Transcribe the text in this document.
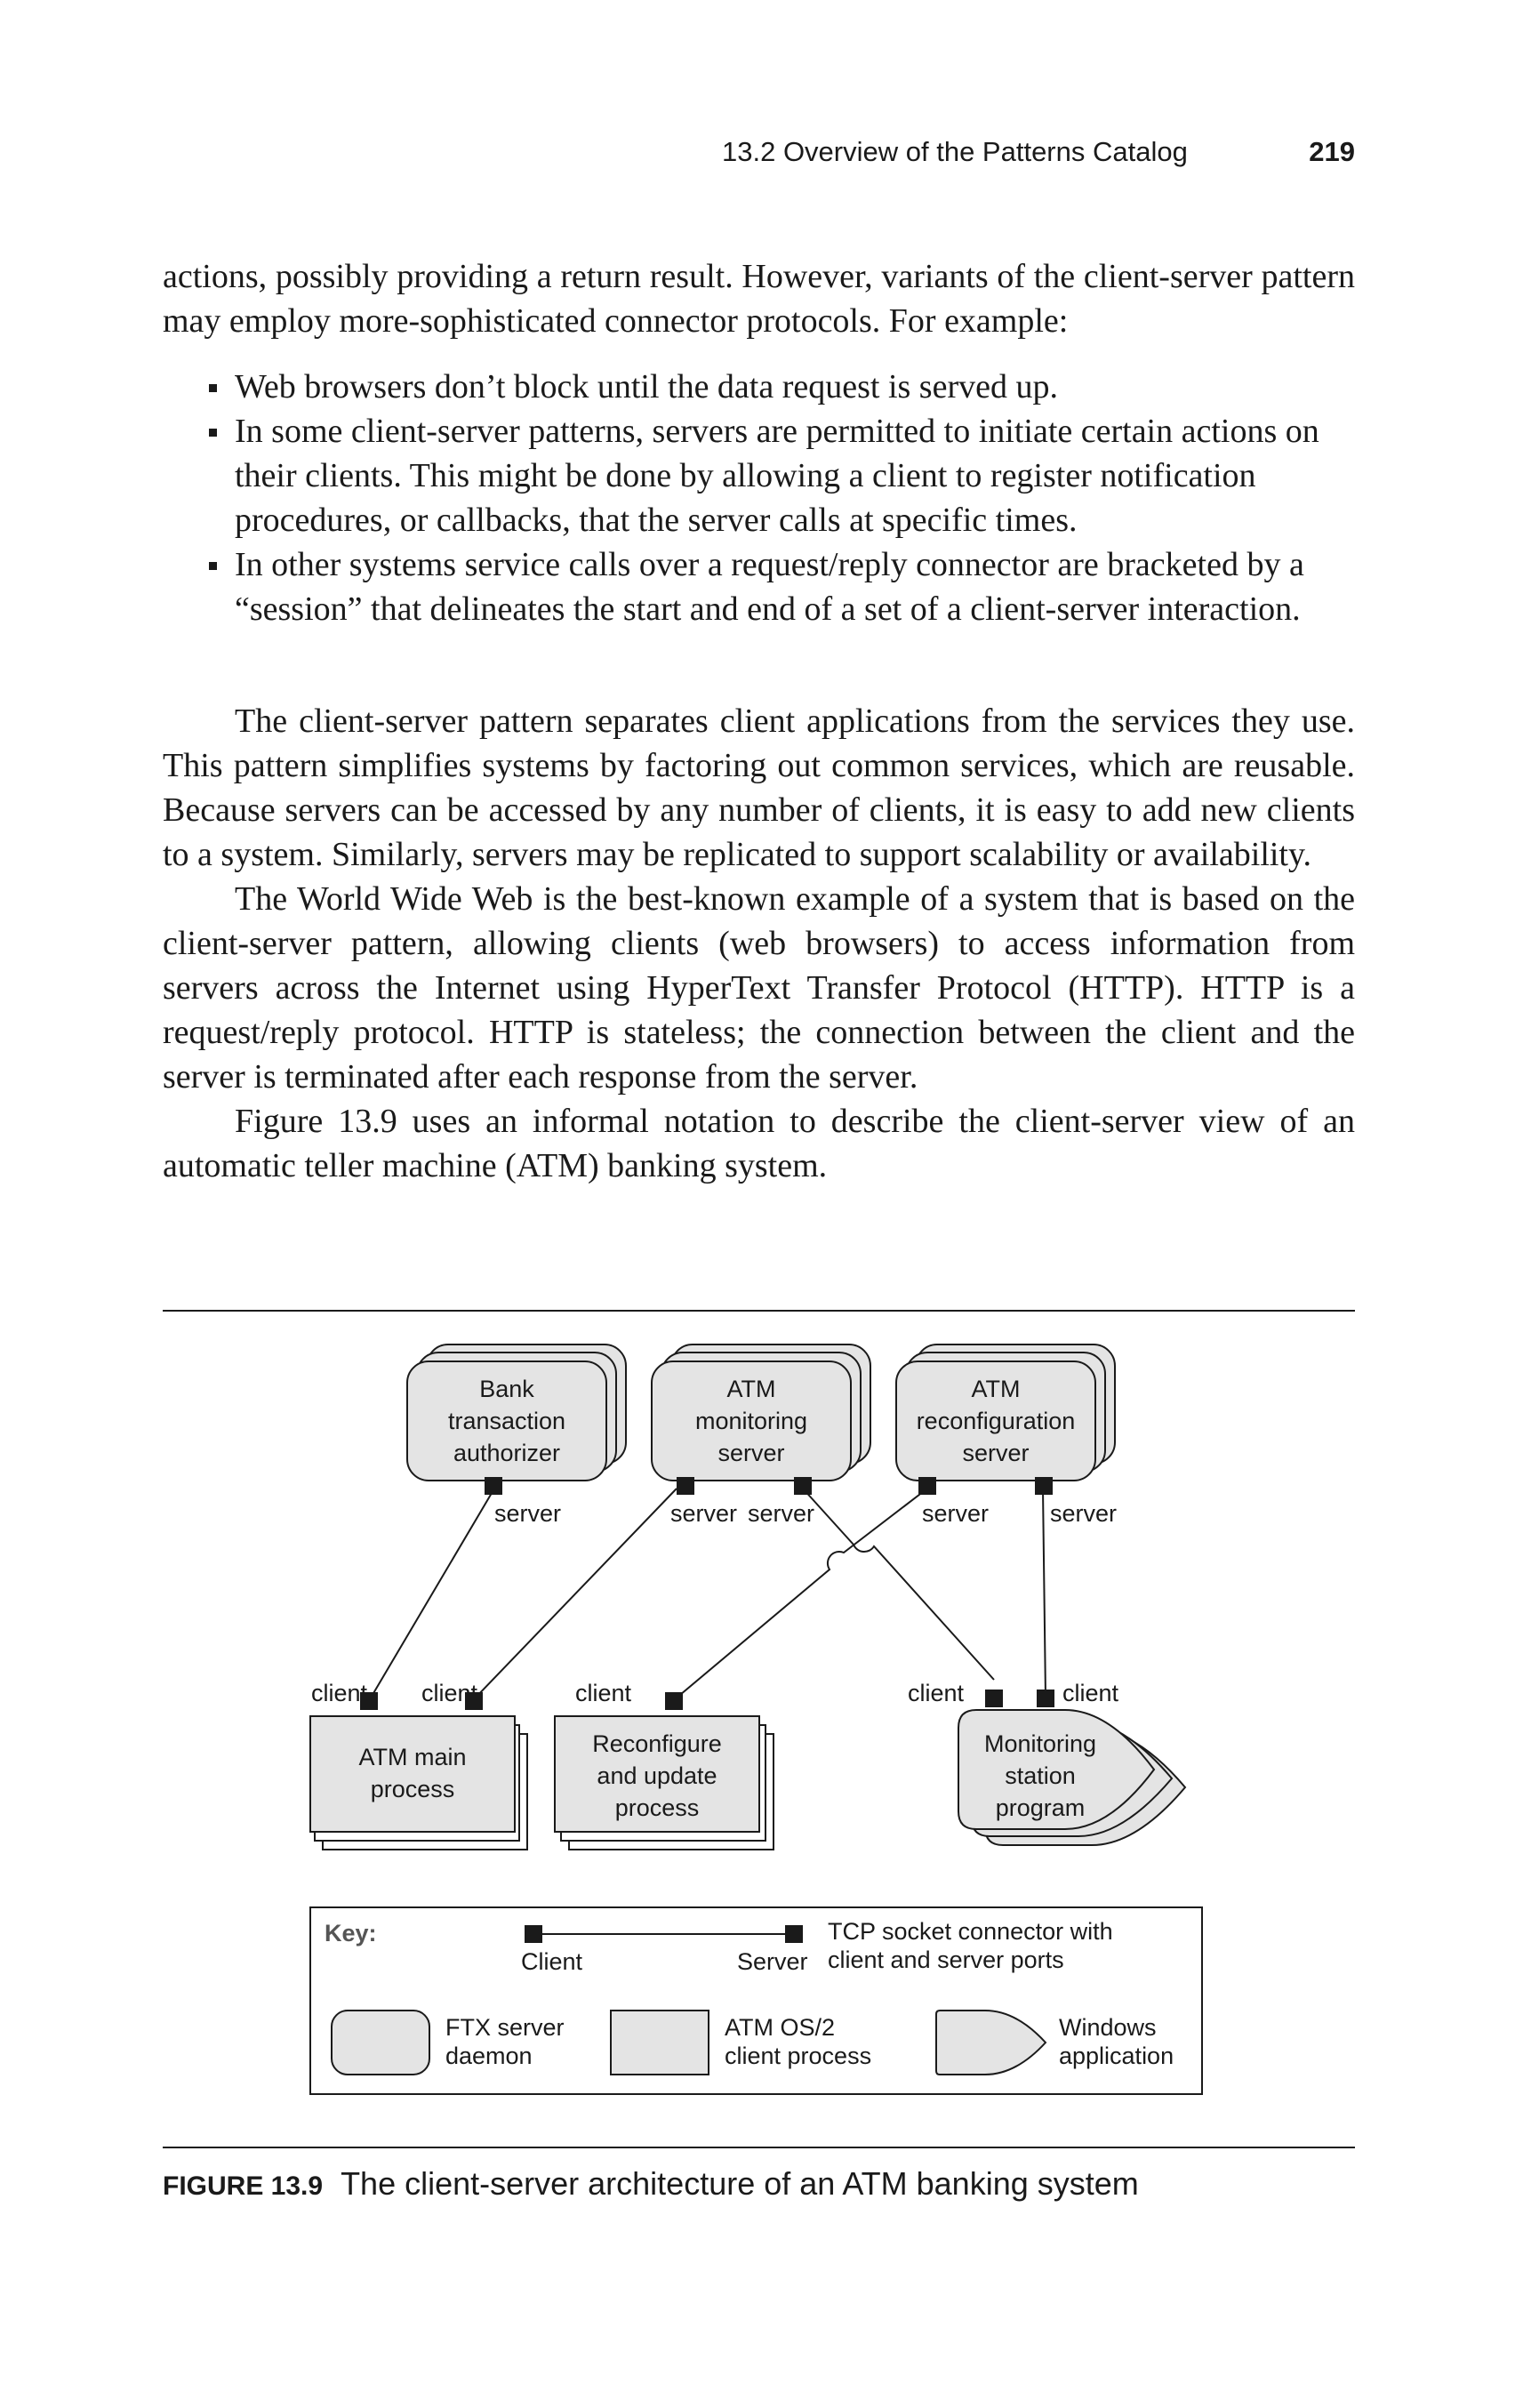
13.2 Overview of the Patterns Catalog	219

actions, possibly providing a return result. However, variants of the client-server pattern may employ more-sophisticated connector protocols. For example:

Web browsers don’t block until the data request is served up.
In some client-server patterns, servers are permitted to initiate certain actions on their clients. This might be done by allowing a client to register notification procedures, or callbacks, that the server calls at specific times.
In other systems service calls over a request/reply connector are bracketed by a “session” that delineates the start and end of a set of a client-server interaction.

The client-server pattern separates client applications from the services they use. This pattern simplifies systems by factoring out common services, which are reusable. Because servers can be accessed by any number of clients, it is easy to add new clients to a system. Similarly, servers may be replicated to support scalability or availability.

The World Wide Web is the best-known example of a system that is based on the client-server pattern, allowing clients (web browsers) to access information from servers across the Internet using HyperText Transfer Protocol (HTTP). HTTP is a request/reply protocol. HTTP is stateless; the connection between the client and the server is terminated after each response from the server.

Figure 13.9 uses an informal notation to describe the client-server view of an automatic teller machine (ATM) banking system.

Bank
transaction
authorizer
ATM
monitoring
server
ATM
reconfiguration
server
server	server server	server	server
ATM main
process
Reconfigure
and update
process
Monitoring
station
program
client client	client	client	client
Key:
Client	Server
TCP socket connector with
client and server ports
FTX server
daemon
ATM OS/2
client process
Windows
application
FIGURE 13.9 The client-server architecture of an ATM banking system
